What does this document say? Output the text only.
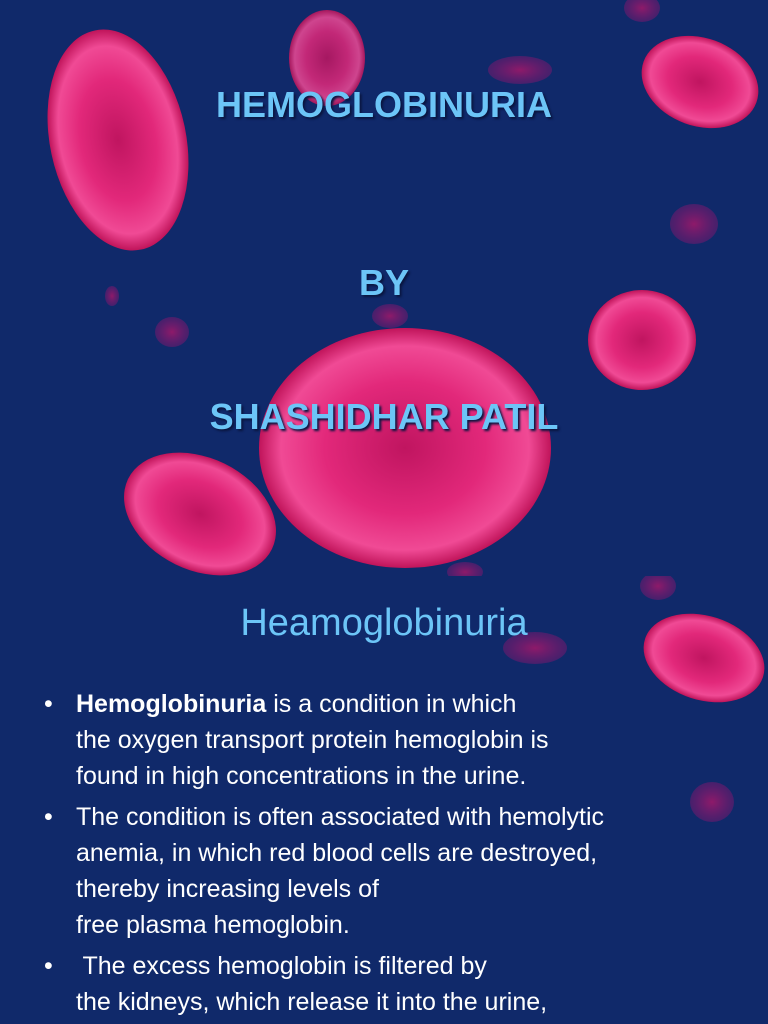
HEMOGLOBINURIA
BY
SHASHIDHAR PATIL
Heamoglobinuria
• Hemoglobinuria is a condition in which
the oxygen transport protein hemoglobin is
found in high concentrations in the urine.
• The condition is often associated with hemolytic
anemia, in which red blood cells are destroyed,
thereby increasing levels of
free plasma hemoglobin.
• The excess hemoglobin is filtered by
the kidneys, which release it into the urine,
